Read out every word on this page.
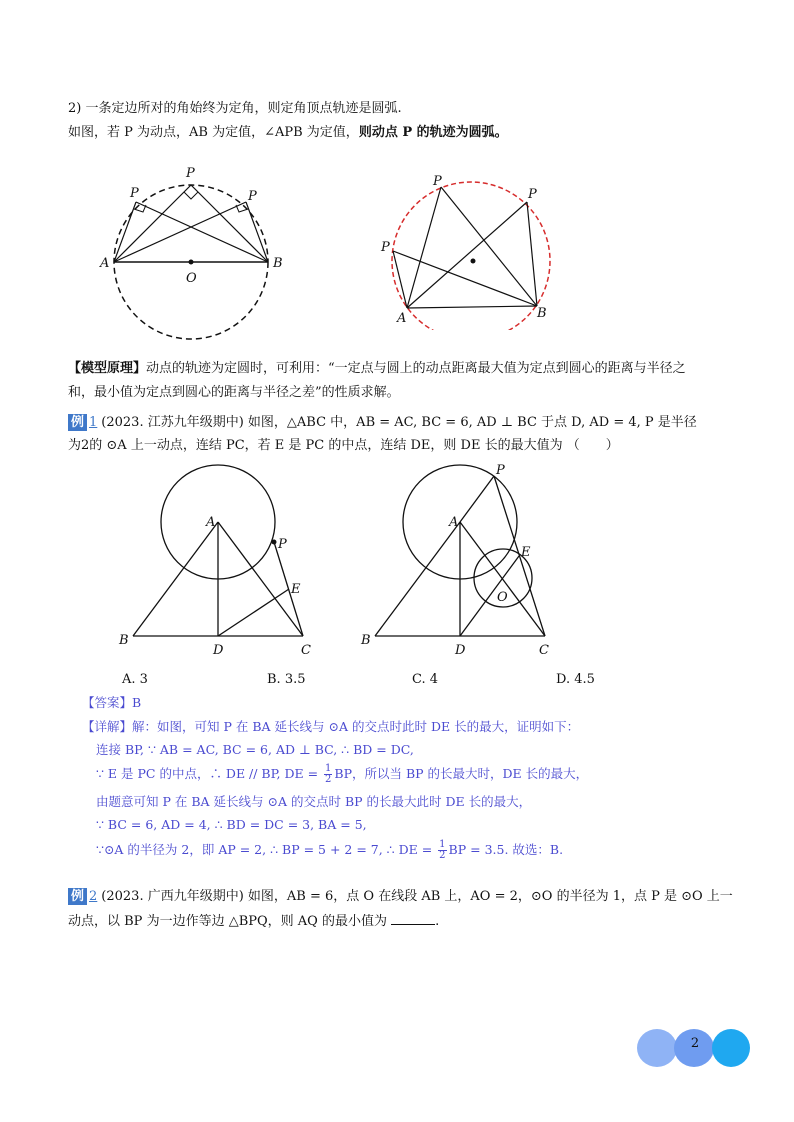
2) 一条定边所对的角始终为定角，则定角顶点轨迹是圆弧.
如图，若 P 为动点，AB 为定值，∠APB 为定值，则动点 P 的轨迹为圆弧。
P
P	P
A	B
O
P
P
P
A	B
【模型原理】动点的轨迹为定圆时，可利用：“一定点与圆上的动点距离最大值为定点到圆心的距离与半径之
和，最小值为定点到圆心的距离与半径之差”的性质求解。
例 1 (2023. 江苏九年级期中) 如图，△ABC 中，AB = AC, BC = 6, AD ⊥ BC 于点 D, AD = 4, P 是半径
为2的 ⊙A 上一动点，连结 PC，若 E 是 PC 的中点，连结 DE，则 DE 长的最大值为 （　　）
A
P
E
B
D	C
A
P
E
O
B
D	C
A. 3	B. 3.5	C. 4	D. 4.5
【答案】B
【详解】解：如图，可知 P 在 BA 延长线与 ⊙A 的交点时此时 DE 长的最大，证明如下：
连接 BP, ∵ AB = AC, BC = 6, AD ⊥ BC, ∴ BD = DC,
∵ E 是 PC 的中点，∴ DE // BP, DE = $\frac{1}{2}$ BP，所以当 BP 的长最大时，DE 长的最大，
由题意可知 P 在 BA 延长线与 ⊙A 的交点时 BP 的长最大此时 DE 长的最大，
∵ BC = 6, AD = 4, ∴ BD = DC = 3, BA = 5,
∵⊙A 的半径为 2，即 AP = 2, ∴ BP = 5 + 2 = 7, ∴ DE = $\frac{1}{2}$ BP = 3.5. 故选：B.
例 2 (2023. 广西九年级期中) 如图，AB = 6，点 O 在线段 AB 上，AO = 2，⊙O 的半径为 1，点 P 是 ⊙O 上一
动点，以 BP 为一边作等边 △BPQ，则 AQ 的最小值为	.
2
